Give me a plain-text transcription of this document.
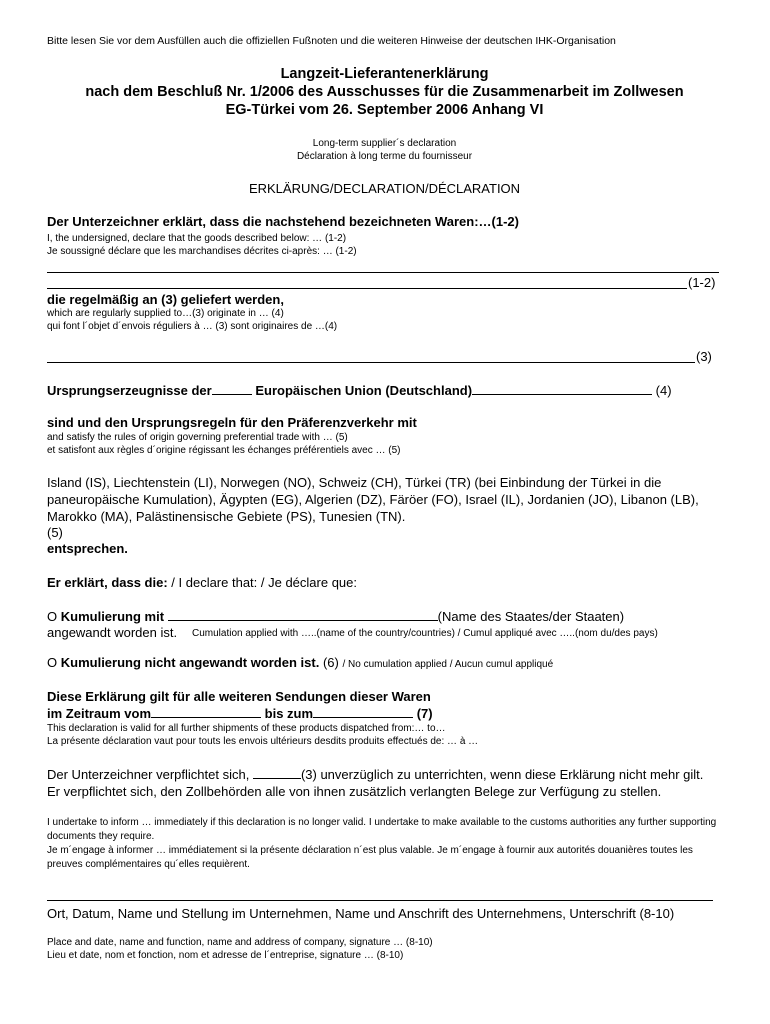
Bitte lesen Sie vor dem Ausfüllen auch die offiziellen Fußnoten und die weiteren Hinweise der deutschen IHK-Organisation
Langzeit-Lieferantenerklärung
nach dem Beschluß Nr. 1/2006 des Ausschusses für die Zusammenarbeit im Zollwesen
EG-Türkei vom 26. September 2006 Anhang VI
Long-term supplier´s declaration
Déclaration à long terme du fournisseur
ERKLÄRUNG/DECLARATION/DÉCLARATION
Der Unterzeichner erklärt, dass die nachstehend bezeichneten Waren:…(1-2)
I, the undersigned, declare that the goods described below: … (1-2)
Je soussigné déclare que les marchandises décrites ci-après: … (1-2)
(1-2)
die regelmäßig an (3) geliefert werden,
which are regularly supplied to…(3) originate in … (4)
qui font l´objet d´envois réguliers à … (3) sont originaires de …(4)
(3)
Ursprungserzeugnisse der	Europäischen Union (Deutschland)	(4)
sind und den Ursprungsregeln für den Präferenzverkehr mit
and satisfy the rules of origin governing preferential trade with … (5)
et satisfont aux règles d´origine régissant les échanges préférentiels avec … (5)
Island (IS), Liechtenstein (LI), Norwegen (NO), Schweiz (CH), Türkei (TR) (bei Einbindung der Türkei in die paneuropäische Kumulation), Ägypten (EG), Algerien (DZ), Färöer (FO), Israel (IL), Jordanien (JO), Libanon (LB), Marokko (MA), Palästinensische Gebiete (PS), Tunesien (TN).
(5)
entsprechen.
Er erklärt, dass die: / I declare that: / Je déclare que:
O Kumulierung mit	(Name des Staates/der Staaten)
angewandt worden ist. Cumulation applied with …..(name of the country/countries) / Cumul appliqué avec …..(nom du/des pays)
O Kumulierung nicht angewandt worden ist. (6) / No cumulation applied / Aucun cumul appliqué
Diese Erklärung gilt für alle weiteren Sendungen dieser Waren
im Zeitraum vom	bis zum	(7)
This declaration is valid for all further shipments of these products dispatched from:… to…
La présente déclaration vaut pour touts les envois ultérieurs desdits produits effectués de: … à …
Der Unterzeichner verpflichtet sich,	(3) unverzüglich zu unterrichten, wenn diese Erklärung nicht mehr gilt. Er verpflichtet sich, den Zollbehörden alle von ihnen zusätzlich verlangten Belege zur Verfügung zu stellen.
I undertake to inform … immediately if this declaration is no longer valid. I undertake to make available to the customs authorities any further supporting documents they require.
Je m´engage à informer … immédiatement si la présente déclaration n´est plus valable. Je m´engage à fournir aux autorités douanières toutes les preuves complémentaires qu´elles requièrent.
Ort, Datum, Name und Stellung im Unternehmen, Name und Anschrift des Unternehmens, Unterschrift (8-10)
Place and date, name and function, name and address of company, signature … (8-10)
Lieu et date, nom et fonction, nom et adresse de l´entreprise, signature … (8-10)
